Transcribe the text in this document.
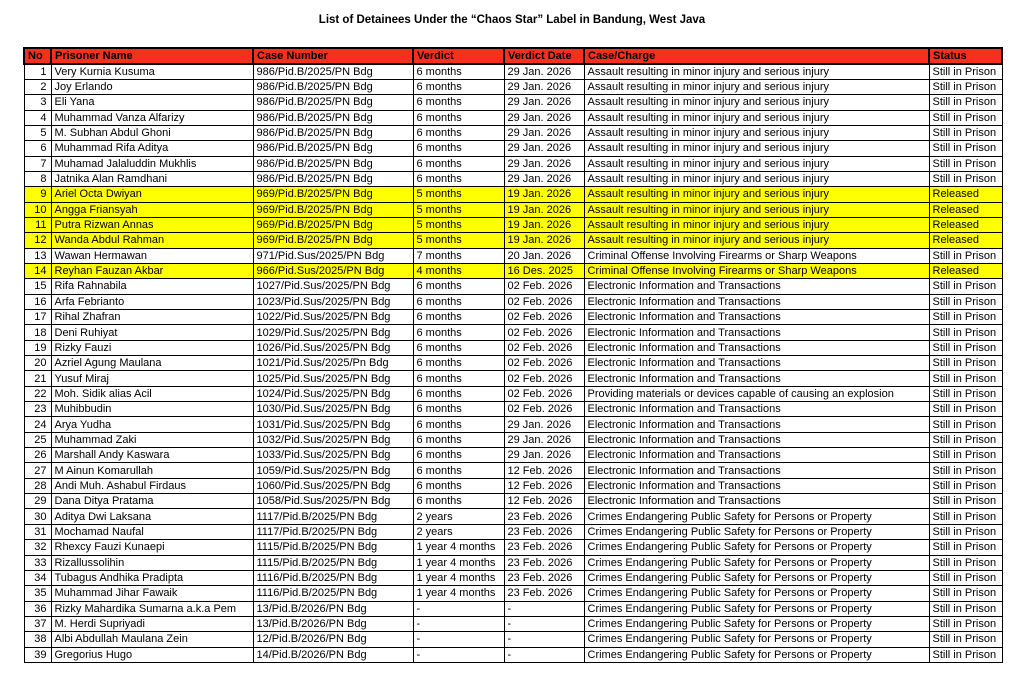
List of Detainees Under the “Chaos Star” Label in Bandung, West Java
No	Prisoner Name	Case Number	Verdict	Verdict Date	Case/Charge	Status
1	Very Kurnia Kusuma	986/Pid.B/2025/PN Bdg	6 months	29 Jan. 2026	Assault resulting in minor injury and serious injury	Still in Prison
2	Joy Erlando	986/Pid.B/2025/PN Bdg	6 months	29 Jan. 2026	Assault resulting in minor injury and serious injury	Still in Prison
3	Eli Yana	986/Pid.B/2025/PN Bdg	6 months	29 Jan. 2026	Assault resulting in minor injury and serious injury	Still in Prison
4	Muhammad Vanza Alfarizy	986/Pid.B/2025/PN Bdg	6 months	29 Jan. 2026	Assault resulting in minor injury and serious injury	Still in Prison
5	M. Subhan Abdul Ghoni	986/Pid.B/2025/PN Bdg	6 months	29 Jan. 2026	Assault resulting in minor injury and serious injury	Still in Prison
6	Muhammad Rifa Aditya	986/Pid.B/2025/PN Bdg	6 months	29 Jan. 2026	Assault resulting in minor injury and serious injury	Still in Prison
7	Muhamad Jalaluddin Mukhlis	986/Pid.B/2025/PN Bdg	6 months	29 Jan. 2026	Assault resulting in minor injury and serious injury	Still in Prison
8	Jatnika Alan Ramdhani	986/Pid.B/2025/PN Bdg	6 months	29 Jan. 2026	Assault resulting in minor injury and serious injury	Still in Prison
9	Ariel Octa Dwiyan	969/Pid.B/2025/PN Bdg	5 months	19 Jan. 2026	Assault resulting in minor injury and serious injury	Released
10	Angga Friansyah	969/Pid.B/2025/PN Bdg	5 months	19 Jan. 2026	Assault resulting in minor injury and serious injury	Released
11	Putra Rizwan Annas	969/Pid.B/2025/PN Bdg	5 months	19 Jan. 2026	Assault resulting in minor injury and serious injury	Released
12	Wanda Abdul Rahman	969/Pid.B/2025/PN Bdg	5 months	19 Jan. 2026	Assault resulting in minor injury and serious injury	Released
13	Wawan Hermawan	971/Pid.Sus/2025/PN Bdg	7 months	20 Jan. 2026	Criminal Offense Involving Firearms or Sharp Weapons	Still in Prison
14	Reyhan Fauzan Akbar	966/Pid.Sus/2025/PN Bdg	4 months	16 Des. 2025	Criminal Offense Involving Firearms or Sharp Weapons	Released
15	Rifa Rahnabila	1027/Pid.Sus/2025/PN Bdg	6 months	02 Feb. 2026	Electronic Information and Transactions	Still in Prison
16	Arfa Febrianto	1023/Pid.Sus/2025/PN Bdg	6 months	02 Feb. 2026	Electronic Information and Transactions	Still in Prison
17	Rihal Zhafran	1022/Pid.Sus/2025/PN Bdg	6 months	02 Feb. 2026	Electronic Information and Transactions	Still in Prison
18	Deni Ruhiyat	1029/Pid.Sus/2025/PN Bdg	6 months	02 Feb. 2026	Electronic Information and Transactions	Still in Prison
19	Rizky Fauzi	1026/Pid.Sus/2025/PN Bdg	6 months	02 Feb. 2026	Electronic Information and Transactions	Still in Prison
20	Azriel Agung Maulana	1021/Pid.Sus/2025/Pn Bdg	6 months	02 Feb. 2026	Electronic Information and Transactions	Still in Prison
21	Yusuf Miraj	1025/Pid.Sus/2025/PN Bdg	6 months	02 Feb. 2026	Electronic Information and Transactions	Still in Prison
22	Moh. Sidik alias Acil	1024/Pid.Sus/2025/PN Bdg	6 months	02 Feb. 2026	Providing materials or devices capable of causing an explosion	Still in Prison
23	Muhibbudin	1030/Pid.Sus/2025/PN Bdg	6 months	02 Feb. 2026	Electronic Information and Transactions	Still in Prison
24	Arya Yudha	1031/Pid.Sus/2025/PN Bdg	6 months	29 Jan. 2026	Electronic Information and Transactions	Still in Prison
25	Muhammad Zaki	1032/Pid.Sus/2025/PN Bdg	6 months	29 Jan. 2026	Electronic Information and Transactions	Still in Prison
26	Marshall Andy Kaswara	1033/Pid.Sus/2025/PN Bdg	6 months	29 Jan. 2026	Electronic Information and Transactions	Still in Prison
27	M Ainun Komarullah	1059/Pid.Sus/2025/PN Bdg	6 months	12 Feb. 2026	Electronic Information and Transactions	Still in Prison
28	Andi Muh. Ashabul Firdaus	1060/Pid.Sus/2025/PN Bdg	6 months	12 Feb. 2026	Electronic Information and Transactions	Still in Prison
29	Dana Ditya Pratama	1058/Pid.Sus/2025/PN Bdg	6 months	12 Feb. 2026	Electronic Information and Transactions	Still in Prison
30	Aditya Dwi Laksana	1117/Pid.B/2025/PN Bdg	2 years	23 Feb. 2026	Crimes Endangering Public Safety for Persons or Property	Still in Prison
31	Mochamad Naufal	1117/Pid.B/2025/PN Bdg	2 years	23 Feb. 2026	Crimes Endangering Public Safety for Persons or Property	Still in Prison
32	Rhexcy Fauzi Kunaepi	1115/Pid.B/2025/PN Bdg	1 year 4 months	23 Feb. 2026	Crimes Endangering Public Safety for Persons or Property	Still in Prison
33	Rizallussolihin	1115/Pid.B/2025/PN Bdg	1 year 4 months	23 Feb. 2026	Crimes Endangering Public Safety for Persons or Property	Still in Prison
34	Tubagus Andhika Pradipta	1116/Pid.B/2025/PN Bdg	1 year 4 months	23 Feb. 2026	Crimes Endangering Public Safety for Persons or Property	Still in Prison
35	Muhammad Jihar Fawaik	1116/Pid.B/2025/PN Bdg	1 year 4 months	23 Feb. 2026	Crimes Endangering Public Safety for Persons or Property	Still in Prison
36	Rizky Mahardika Sumarna a.k.a Pem	13/Pid.B/2026/PN Bdg	-	-	Crimes Endangering Public Safety for Persons or Property	Still in Prison
37	M. Herdi Supriyadi	13/Pid.B/2026/PN Bdg	-	-	Crimes Endangering Public Safety for Persons or Property	Still in Prison
38	Albi Abdullah Maulana Zein	12/Pid.B/2026/PN Bdg	-	-	Crimes Endangering Public Safety for Persons or Property	Still in Prison
39	Gregorius Hugo	14/Pid.B/2026/PN Bdg	-	-	Crimes Endangering Public Safety for Persons or Property	Still in Prison
